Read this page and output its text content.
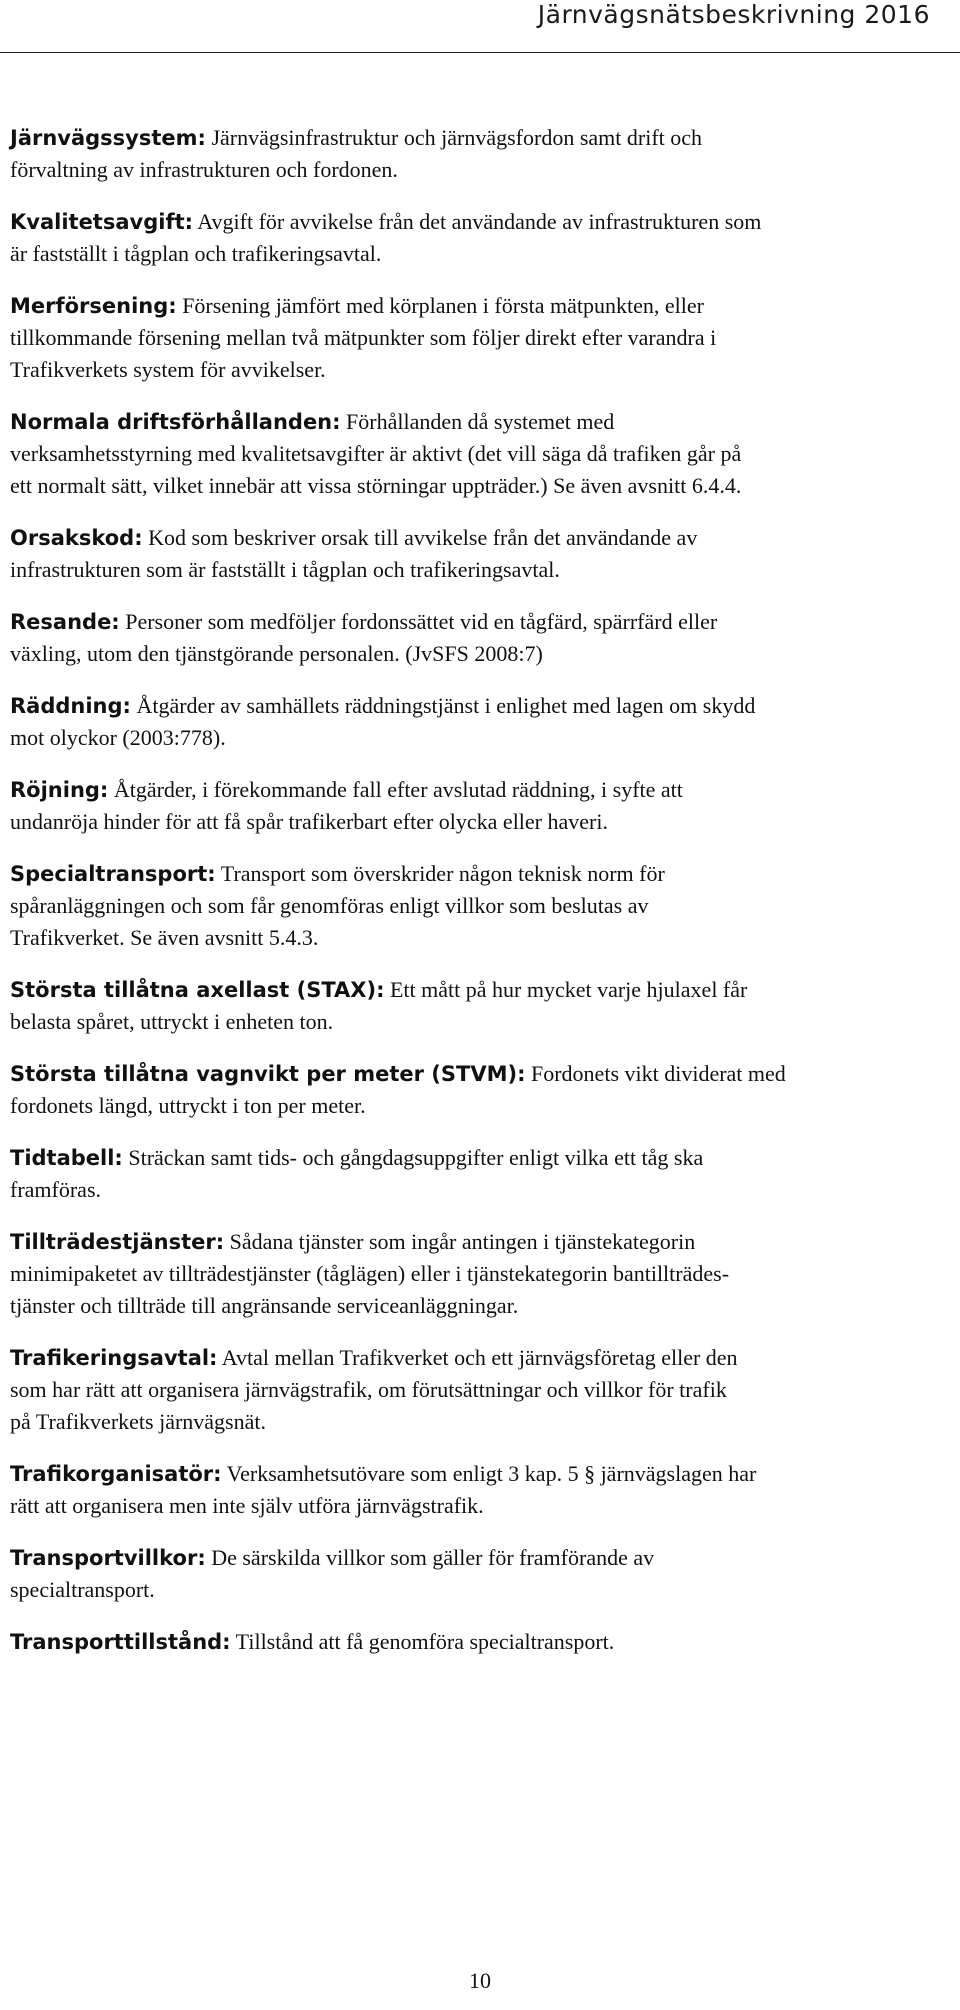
Järnvägsnätsbeskrivning 2016
Järnvägssystem: Järnvägsinfrastruktur och järnvägsfordon samt drift och
förvaltning av infrastrukturen och fordonen.
Kvalitetsavgift: Avgift för avvikelse från det användande av infrastrukturen som
är fastställt i tågplan och trafikeringsavtal.
Merförsening: Försening jämfört med körplanen i första mätpunkten, eller
tillkommande försening mellan två mätpunkter som följer direkt efter varandra i
Trafikverkets system för avvikelser.
Normala driftsförhållanden: Förhållanden då systemet med
verksamhetsstyrning med kvalitetsavgifter är aktivt (det vill säga då trafiken går på
ett normalt sätt, vilket innebär att vissa störningar uppträder.) Se även avsnitt 6.4.4.
Orsakskod: Kod som beskriver orsak till avvikelse från det användande av
infrastrukturen som är fastställt i tågplan och trafikeringsavtal.
Resande: Personer som medföljer fordonssättet vid en tågfärd, spärrfärd eller
växling, utom den tjänstgörande personalen. (JvSFS 2008:7)
Räddning: Åtgärder av samhällets räddningstjänst i enlighet med lagen om skydd
mot olyckor (2003:778).
Röjning: Åtgärder, i förekommande fall efter avslutad räddning, i syfte att
undanröja hinder för att få spår trafikerbart efter olycka eller haveri.
Specialtransport: Transport som överskrider någon teknisk norm för
spåranläggningen och som får genomföras enligt villkor som beslutas av
Trafikverket. Se även avsnitt 5.4.3.
Största tillåtna axellast (STAX): Ett mått på hur mycket varje hjulaxel får
belasta spåret, uttryckt i enheten ton.
Största tillåtna vagnvikt per meter (STVM): Fordonets vikt dividerat med
fordonets längd, uttryckt i ton per meter.
Tidtabell: Sträckan samt tids- och gångdagsuppgifter enligt vilka ett tåg ska
framföras.
Tillträdestjänster: Sådana tjänster som ingår antingen i tjänstekategorin
minimipaketet av tillträdestjänster (tåglägen) eller i tjänstekategorin bantillträdes-
tjänster och tillträde till angränsande serviceanläggningar.
Trafikeringsavtal: Avtal mellan Trafikverket och ett järnvägsföretag eller den
som har rätt att organisera järnvägstrafik, om förutsättningar och villkor för trafik
på Trafikverkets järnvägsnät.
Trafikorganisatör: Verksamhetsutövare som enligt 3 kap. 5 § järnvägslagen har
rätt att organisera men inte själv utföra järnvägstrafik.
Transportvillkor: De särskilda villkor som gäller för framförande av
specialtransport.
Transporttillstånd: Tillstånd att få genomföra specialtransport.
10
